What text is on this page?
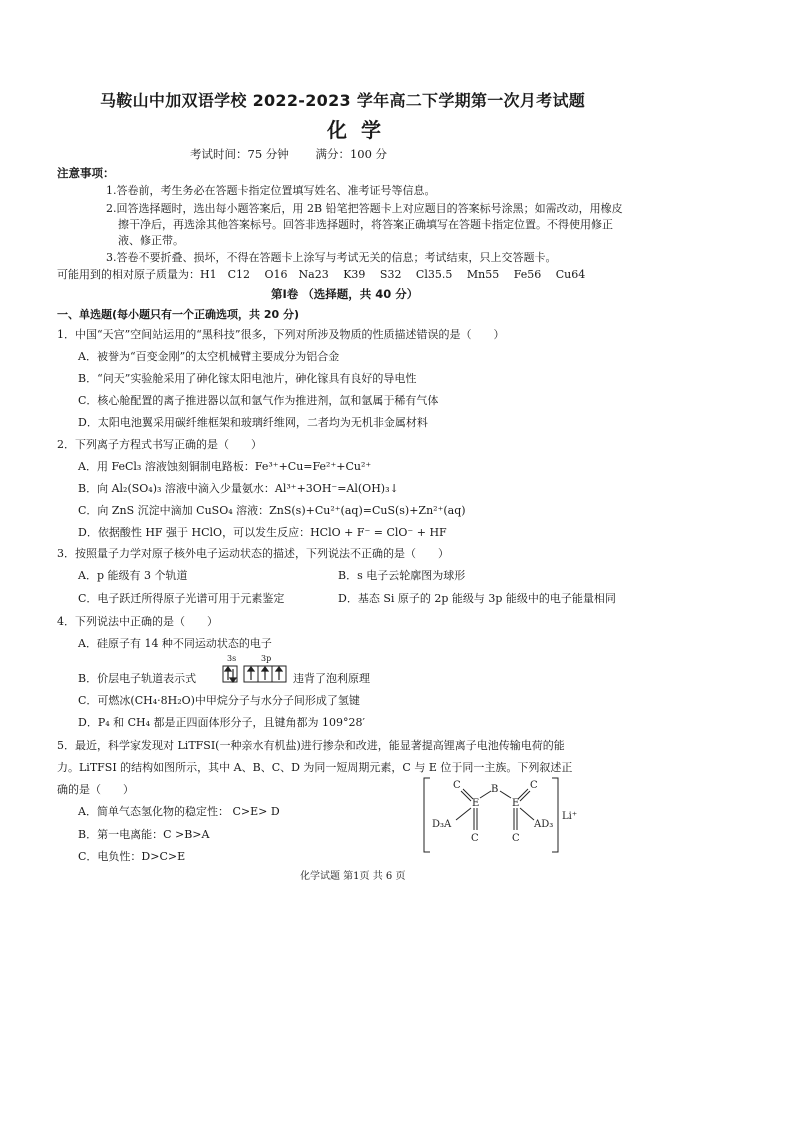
马鞍山中加双语学校 2022-2023 学年高二下学期第一次月考试题
化学
考试时间：75 分钟　　 满分：100 分
注意事项：
1.答卷前，考生务必在答题卡指定位置填写姓名、准考证号等信息。
2.回答选择题时，选出每小题答案后，用 2B 铅笔把答题卡上对应题目的答案标号涂黑；如需改动，用橡皮
擦干净后，再选涂其他答案标号。回答非选择题时，将答案正确填写在答题卡指定位置。不得使用修正
液、修正带。
3.答卷不要折叠、损坏，不得在答题卡上涂写与考试无关的信息；考试结束，只上交答题卡。
可能用到的相对原子质量为：H1　C12　 O16　Na23　 K39　 S32　 Cl35.5　 Mn55　 Fe56　 Cu64
第Ⅰ卷 （选择题，共 40 分）
一、单选题(每小题只有一个正确选项，共 20 分)
1．中国“天宫”空间站运用的“黑科技”很多，下列对所涉及物质的性质描述错误的是（　　）
A．被誉为“百变金刚”的太空机械臂主要成分为铝合金
B．“问天”实验舱采用了砷化镓太阳电池片，砷化镓具有良好的导电性
C．核心舱配置的离子推进器以氙和氩气作为推进剂，氙和氩属于稀有气体
D．太阳电池翼采用碳纤维框架和玻璃纤维网，二者均为无机非金属材料
2．下列离子方程式书写正确的是（　　）
A．用 FeCl₃ 溶液蚀刻铜制电路板：Fe³⁺+Cu=Fe²⁺+Cu²⁺
B．向 Al₂(SO₄)₃ 溶液中滴入少量氨水：Al³⁺+3OH⁻=Al(OH)₃↓
C．向 ZnS 沉淀中滴加 CuSO₄ 溶液：ZnS(s)+Cu²⁺(aq)=CuS(s)+Zn²⁺(aq)
D．依据酸性 HF 强于 HClO，可以发生反应：HClO + F⁻ = ClO⁻ + HF
3．按照量子力学对原子核外电子运动状态的描述，下列说法不正确的是（　　）
A．p 能级有 3 个轨道	B．s 电子云轮廓图为球形
C．电子跃迁所得原子光谱可用于元素鉴定	D．基态 Si 原子的 2p 能级与 3p 能级中的电子能量相同
4．下列说法中正确的是（　　）
A．硅原子有 14 种不同运动状态的电子
B．价层电子轨道表示式
3s	3p
违背了泡利原理
C．可燃冰(CH₄·8H₂O)中甲烷分子与水分子间形成了氢键
D．P₄ 和 CH₄ 都是正四面体形分子，且键角都为 109°28′
5．最近，科学家发现对 LiTFSI(一种亲水有机盐)进行掺杂和改进，能显著提高锂离子电池传输电荷的能
力。LiTFSI 的结构如图所示，其中 A、B、C、D 为同一短周期元素，C 与 E 位于同一主族。下列叙述正
确的是（　　）
A．简单气态氢化物的稳定性： C>E> D
B．第一电离能：C >B>A
C．电负性：D>C>E
C
E
B
E
C
D₃A	AD₃
C	C
Li⁺
化学试题 第1页 共 6 页
